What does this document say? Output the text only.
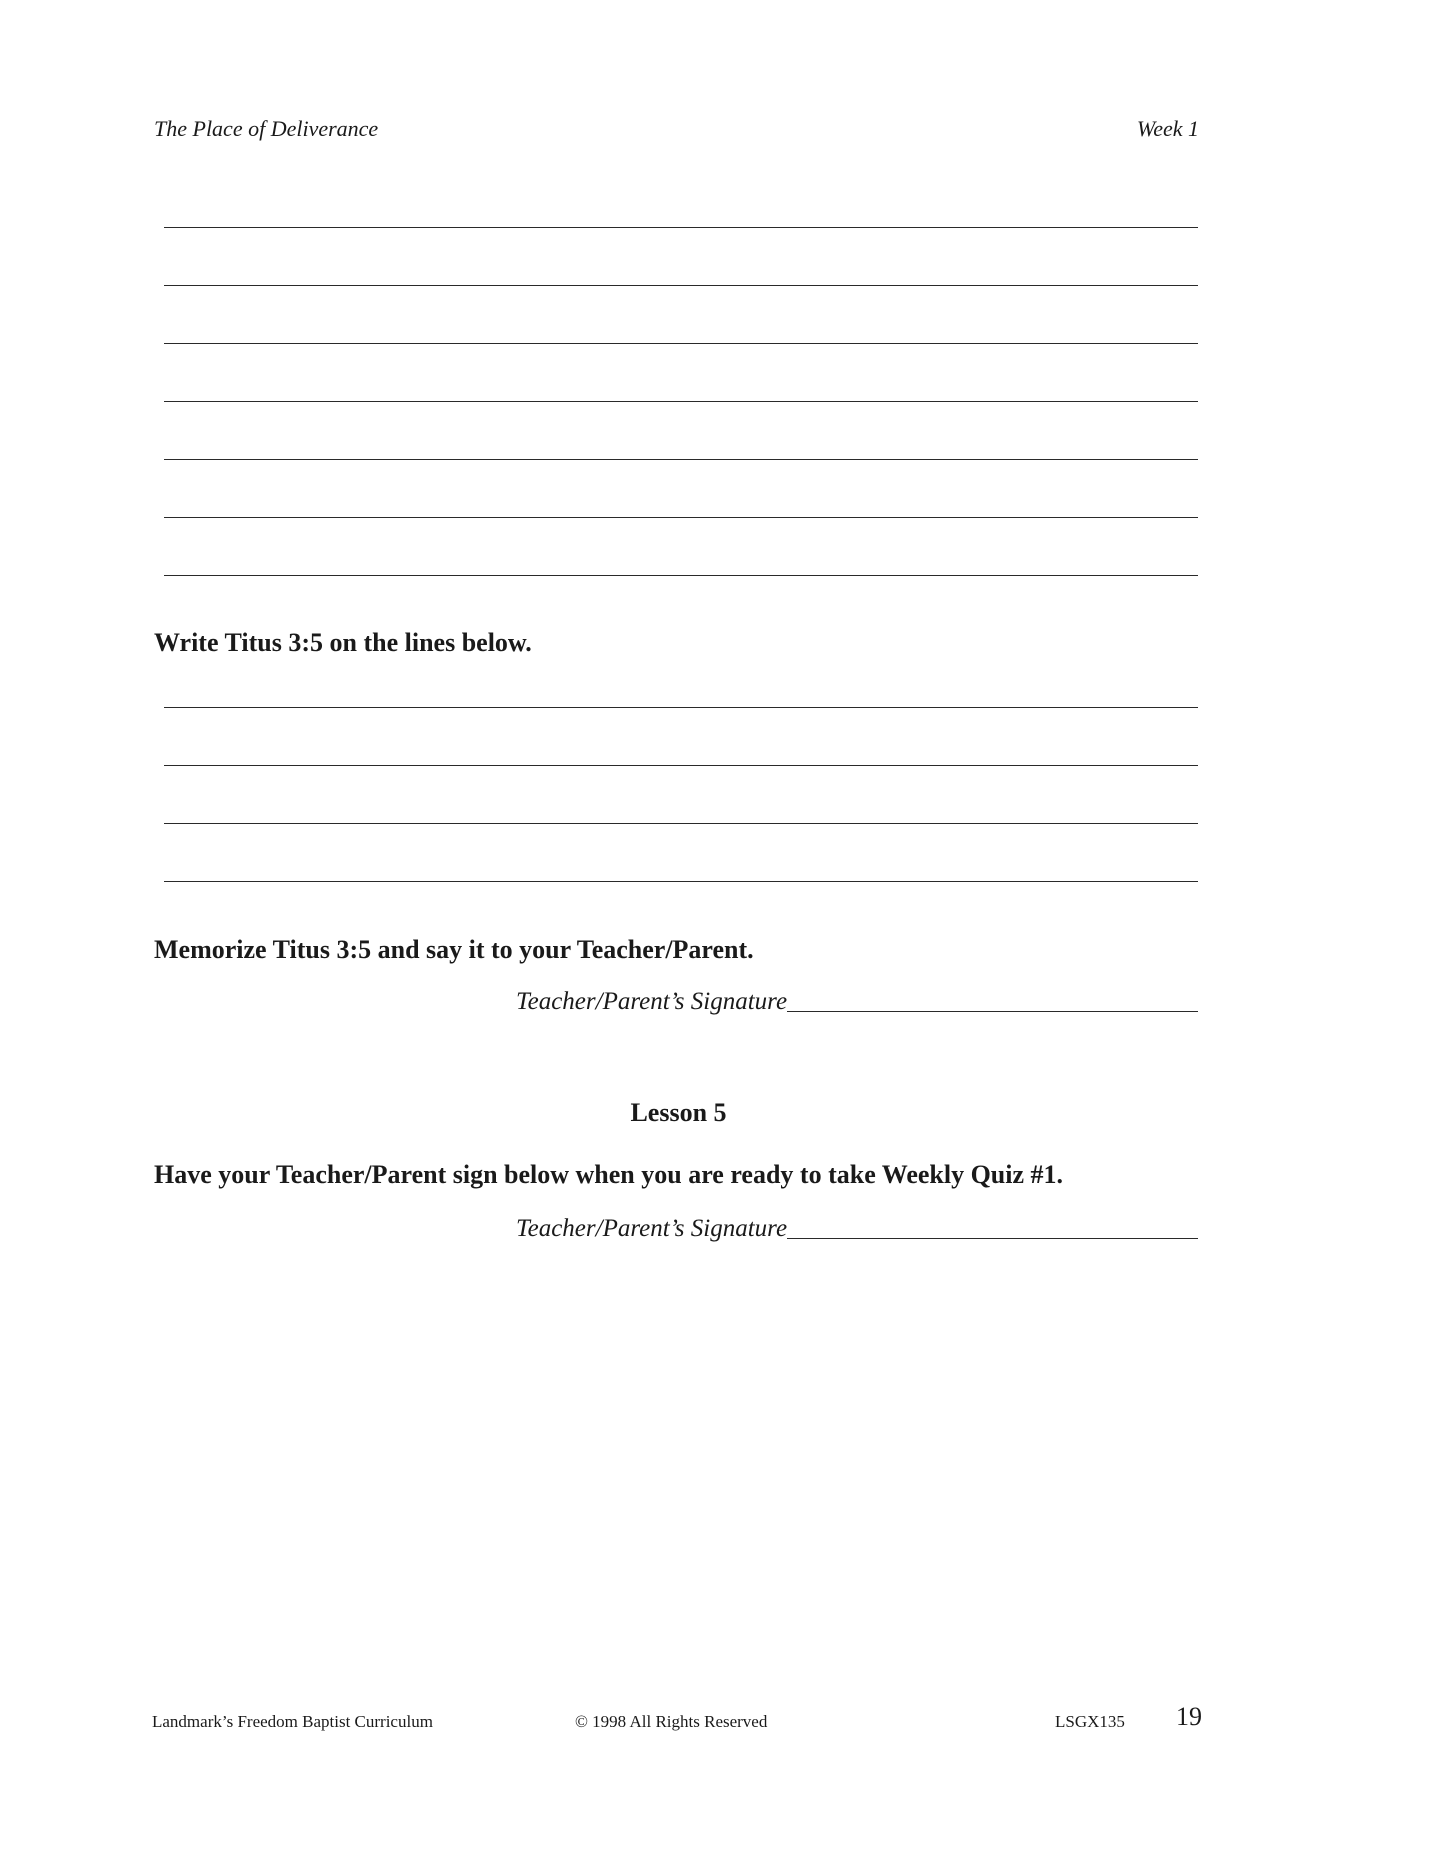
The Place of Deliverance	Week 1
Write Titus 3:5 on the lines below.
Memorize Titus 3:5 and say it to your Teacher/Parent.
Teacher/Parent’s Signature
Lesson 5
Have your Teacher/Parent sign below when you are ready to take Weekly Quiz #1.
Teacher/Parent’s Signature
Landmark’s Freedom Baptist Curriculum	© 1998 All Rights Reserved	LSGX135 19
